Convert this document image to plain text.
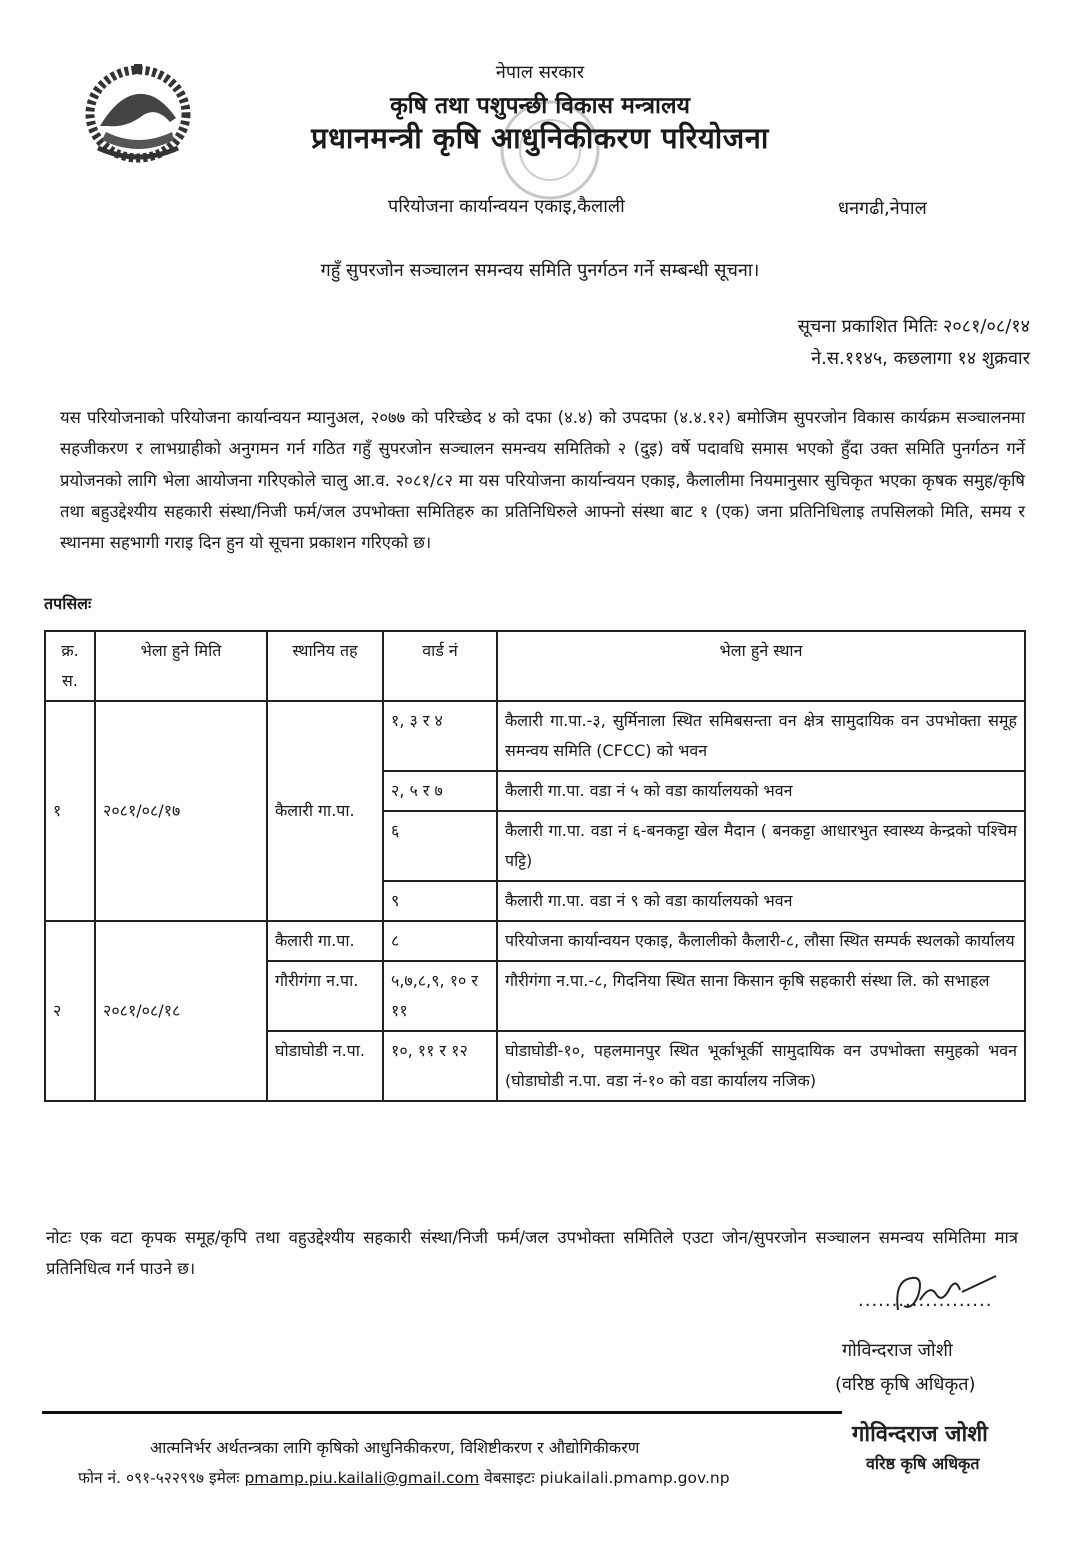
नेपाल सरकार
कृषि तथा पशुपन्छी विकास मन्त्रालय
प्रधानमन्त्री कृषि आधुनिकीकरण परियोजना
परियोजना कार्यान्वयन एकाइ,कैलाली	धनगढी,नेपाल
गहुँ सुपरजोन सञ्चालन समन्वय समिति पुनर्गठन गर्ने सम्बन्धी सूचना।
सूचना प्रकाशित मितिः २०८१/०८/१४
ने.स.११४५, कछलागा १४ शुक्रवार
यस परियोजनाको परियोजना कार्यान्वयन म्यानुअल, २०७७ को परिच्छेद ४ को दफा (४.४) को उपदफा (४.४.१२) बमोजिम सुपरजोन विकास कार्यक्रम सञ्चालनमा सहजीकरण र लाभग्राहीको अनुगमन गर्न गठित गहुँ सुपरजोन सञ्चालन समन्वय समितिको २ (दुइ) वर्षे पदावधि समास भएको हुँदा उक्त समिति पुनर्गठन गर्ने प्रयोजनको लागि भेला आयोजना गरिएकोले चालु आ.व. २०८१/८२ मा यस परियोजना कार्यान्वयन एकाइ, कैलालीमा नियमानुसार सुचिकृत भएका कृषक समुह/कृषि तथा बहुउद्देश्यीय सहकारी संस्था/निजी फर्म/जल उपभोक्ता समितिहरु का प्रतिनिधिरुले आफ्नो संस्था बाट १ (एक) जना प्रतिनिधिलाइ तपसिलको मिति, समय र स्थानमा सहभागी गराइ दिन हुन यो सूचना प्रकाशन गरिएको छ।
तपसिलः
क्र.
स.	भेला हुने मिति	स्थानिय तह	वार्ड नं	भेला हुने स्थान
१	२०८१/०८/१७	कैलारी गा.पा.	१, ३ र ४	कैलारी गा.पा.-३, सुर्मिनाला स्थित समिबसन्ता वन क्षेत्र सामुदायिक वन उपभोक्ता समूह समन्वय समिति (CFCC) को भवन
			२, ५ र ७	कैलारी गा.पा. वडा नं ५ को वडा कार्यालयको भवन
			६	कैलारी गा.पा. वडा नं ६-बनकट्टा खेल मैदान ( बनकट्टा आधारभुत स्वास्थ्य केन्द्रको पश्चिम पट्टि)
			९	कैलारी गा.पा. वडा नं ९ को वडा कार्यालयको भवन
२	२०८१/०८/१८	कैलारी गा.पा.	८	परियोजना कार्यान्वयन एकाइ, कैलालीको कैलारी-८, लौसा स्थित सम्पर्क स्थलको कार्यालय
		गौरीगंगा न.पा.	५,७,८,९, १० र ११	गौरीगंगा न.पा.-८, गिदनिया स्थित साना किसान कृषि सहकारी संस्था लि. को सभाहल
		घोडाघोडी न.पा.	१०, ११ र १२	घोडाघोडी-१०, पहलमानपुर स्थित भूर्काभूर्की सामुदायिक वन उपभोक्ता समुहको भवन (घोडाघोडी न.पा. वडा नं-१० को वडा कार्यालय नजिक)
नोटः एक वटा कृपक समूह/कृपि तथा वहुउद्देश्यीय सहकारी संस्था/निजी फर्म/जल उपभोक्ता समितिले एउटा जोन/सुपरजोन सञ्चालन समन्वय समितिमा मात्र प्रतिनिधित्व गर्न पाउने छ।
....................
गोविन्दराज जोशी
(वरिष्ठ कृषि अधिकृत)
गोविन्दराज जोशी
वरिष्ठ कृषि अधिकृत
आत्मनिर्भर अर्थतन्त्रका लागि कृषिको आधुनिकीकरण, विशिष्टीकरण र औद्योगिकीकरण
फोन नं. ०९१-५२२९९७ इमेलः pmamp.piu.kailali@gmail.com वेबसाइटः piukailali.pmamp.gov.np
